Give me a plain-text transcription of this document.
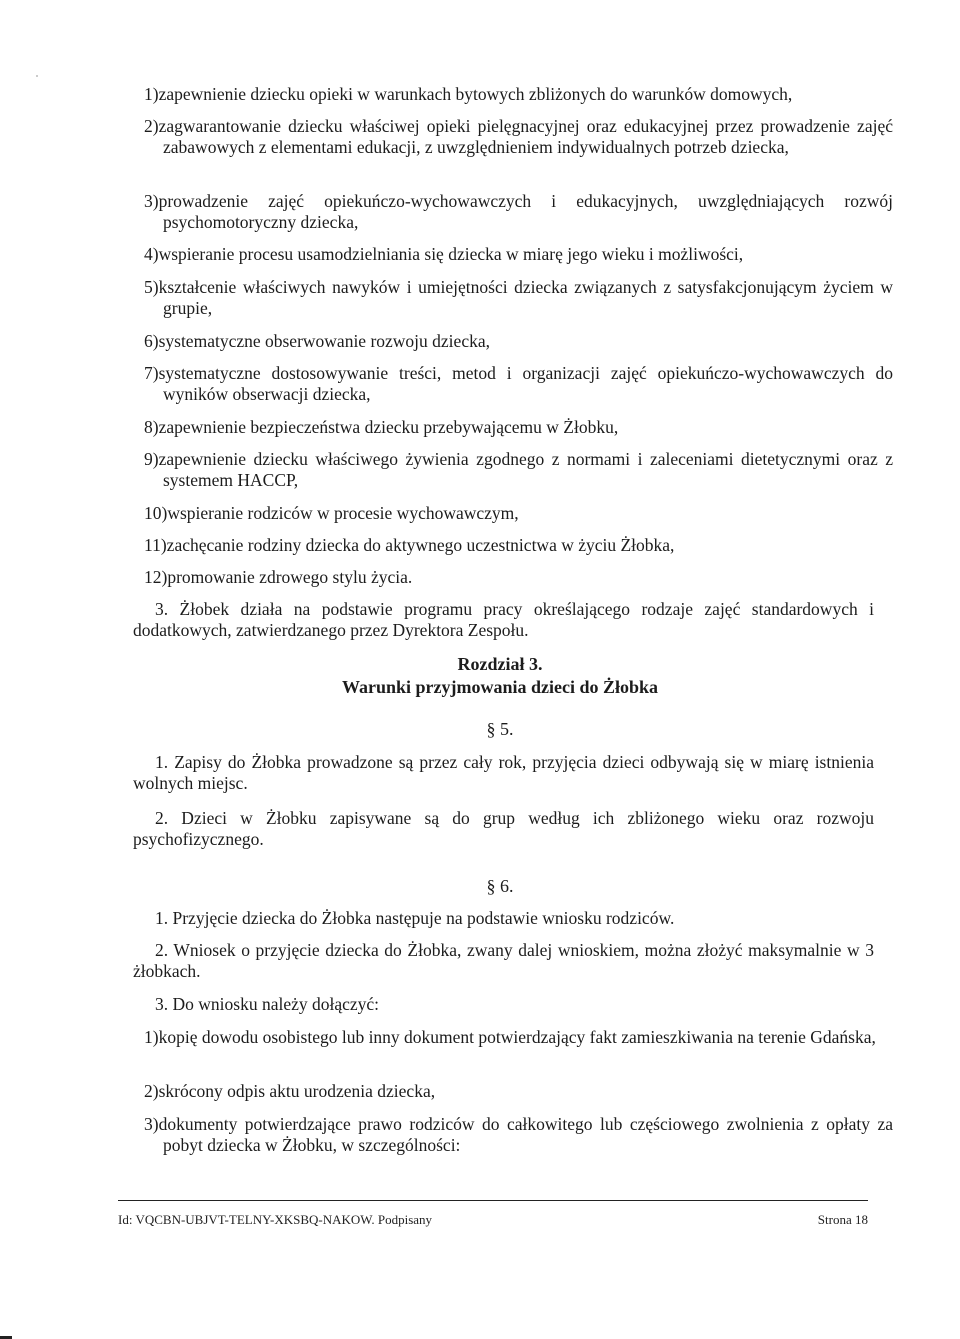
1)zapewnienie dziecku opieki w warunkach bytowych zbliżonych do warunków domowych,
2)zagwarantowanie dziecku właściwej opieki pielęgnacyjnej oraz edukacyjnej przez prowadzenie zajęć zabawowych z elementami edukacji, z uwzględnieniem indywidualnych potrzeb dziecka,
3)prowadzenie zajęć opiekuńczo-wychowawczych i edukacyjnych, uwzględniających rozwój psychomotoryczny dziecka,
4)wspieranie procesu usamodzielniania się dziecka w miarę jego wieku i możliwości,
5)kształcenie właściwych nawyków i umiejętności dziecka związanych z satysfakcjonującym życiem w grupie,
6)systematyczne obserwowanie rozwoju dziecka,
7)systematyczne dostosowywanie treści, metod i organizacji zajęć opiekuńczo-wychowawczych do wyników obserwacji dziecka,
8)zapewnienie bezpieczeństwa dziecku przebywającemu w Żłobku,
9)zapewnienie dziecku właściwego żywienia zgodnego z normami i zaleceniami dietetycznymi oraz z systemem HACCP,
10)wspieranie rodziców w procesie wychowawczym,
11)zachęcanie rodziny dziecka do aktywnego uczestnictwa w życiu Żłobka,
12)promowanie zdrowego stylu życia.
3. Żłobek działa na podstawie programu pracy określającego rodzaje zajęć standardowych i dodatkowych, zatwierdzanego przez Dyrektora Zespołu.
Rozdział 3.
Warunki przyjmowania dzieci do Żłobka
§ 5.
1. Zapisy do Żłobka prowadzone są przez cały rok, przyjęcia dzieci odbywają się w miarę istnienia wolnych miejsc.
2. Dzieci w Żłobku zapisywane są do grup według ich zbliżonego wieku oraz rozwoju psychofizycznego.
§ 6.
1. Przyjęcie dziecka do Żłobka następuje na podstawie wniosku rodziców.
2. Wniosek o przyjęcie dziecka do Żłobka, zwany dalej wnioskiem, można złożyć maksymalnie w 3 żłobkach.
3. Do wniosku należy dołączyć:
1)kopię dowodu osobistego lub inny dokument potwierdzający fakt zamieszkiwania na terenie Gdańska,
2)skrócony odpis aktu urodzenia dziecka,
3)dokumenty potwierdzające prawo rodziców do całkowitego lub częściowego zwolnienia z opłaty za pobyt dziecka w Żłobku, w szczególności:
Id: VQCBN-UBJVT-TELNY-XKSBQ-NAKOW. Podpisany	Strona 18
